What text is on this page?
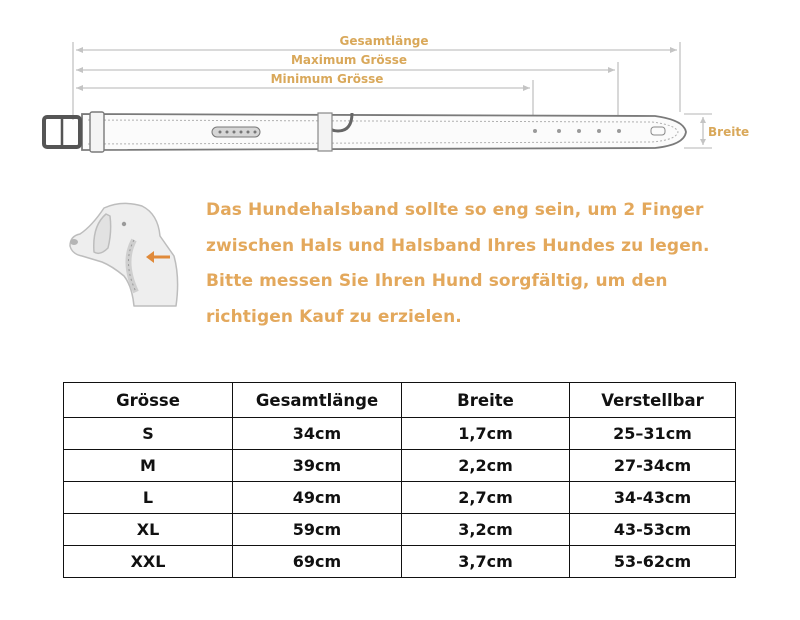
Gesamtlänge
Maximum Grösse
Minimum Grösse
Breite
Das Hundehalsband sollte so eng sein, um 2 Finger
zwischen Hals und Halsband Ihres Hundes zu legen.
Bitte messen Sie Ihren Hund sorgfältig, um den
richtigen Kauf zu erzielen.
Grösse	Gesamtlänge	Breite	Verstellbar
S	34cm	1,7cm	25–31cm
M	39cm	2,2cm	27-34cm
L	49cm	2,7cm	34-43cm
XL	59cm	3,2cm	43-53cm
XXL	69cm	3,7cm	53-62cm
